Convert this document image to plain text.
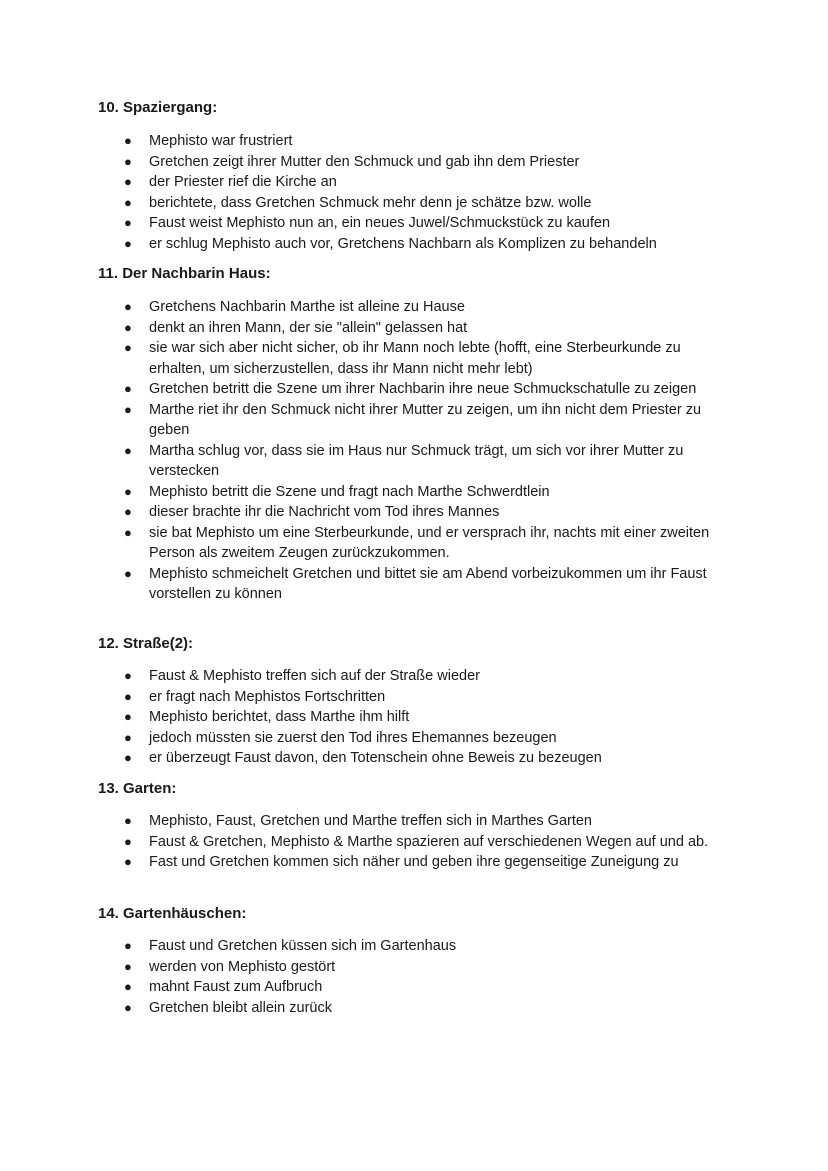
10. Spaziergang:
● Mephisto war frustriert
● Gretchen zeigt ihrer Mutter den Schmuck und gab ihn dem Priester
● der Priester rief die Kirche an
● berichtete, dass Gretchen Schmuck mehr denn je schätze bzw. wolle
● Faust weist Mephisto nun an, ein neues Juwel/Schmuckstück zu kaufen
● er schlug Mephisto auch vor, Gretchens Nachbarn als Komplizen zu behandeln
11. Der Nachbarin Haus:
● Gretchens Nachbarin Marthe ist alleine zu Hause
● denkt an ihren Mann, der sie "allein" gelassen hat
● sie war sich aber nicht sicher, ob ihr Mann noch lebte (hofft, eine Sterbeurkunde zu erhalten, um sicherzustellen, dass ihr Mann nicht mehr lebt)
● Gretchen betritt die Szene um ihrer Nachbarin ihre neue Schmuckschatulle zu zeigen
● Marthe riet ihr den Schmuck nicht ihrer Mutter zu zeigen, um ihn nicht dem Priester zu geben
● Martha schlug vor, dass sie im Haus nur Schmuck trägt, um sich vor ihrer Mutter zu verstecken
● Mephisto betritt die Szene und fragt nach Marthe Schwerdtlein
● dieser brachte ihr die Nachricht vom Tod ihres Mannes
● sie bat Mephisto um eine Sterbeurkunde, und er versprach ihr, nachts mit einer zweiten Person als zweitem Zeugen zurückzukommen.
● Mephisto schmeichelt Gretchen und bittet sie am Abend vorbeizukommen um ihr Faust vorstellen zu können
12. Straße(2):
● Faust & Mephisto treffen sich auf der Straße wieder
● er fragt nach Mephistos Fortschritten
● Mephisto berichtet, dass Marthe ihm hilft
● jedoch müssten sie zuerst den Tod ihres Ehemannes bezeugen
● er überzeugt Faust davon, den Totenschein ohne Beweis zu bezeugen
13. Garten:
● Mephisto, Faust, Gretchen und Marthe treffen sich in Marthes Garten
● Faust & Gretchen, Mephisto & Marthe spazieren auf verschiedenen Wegen auf und ab.
● Fast und Gretchen kommen sich näher und geben ihre gegenseitige Zuneigung zu
14. Gartenhäuschen:
● Faust und Gretchen küssen sich im Gartenhaus
● werden von Mephisto gestört
● mahnt Faust zum Aufbruch
● Gretchen bleibt allein zurück
